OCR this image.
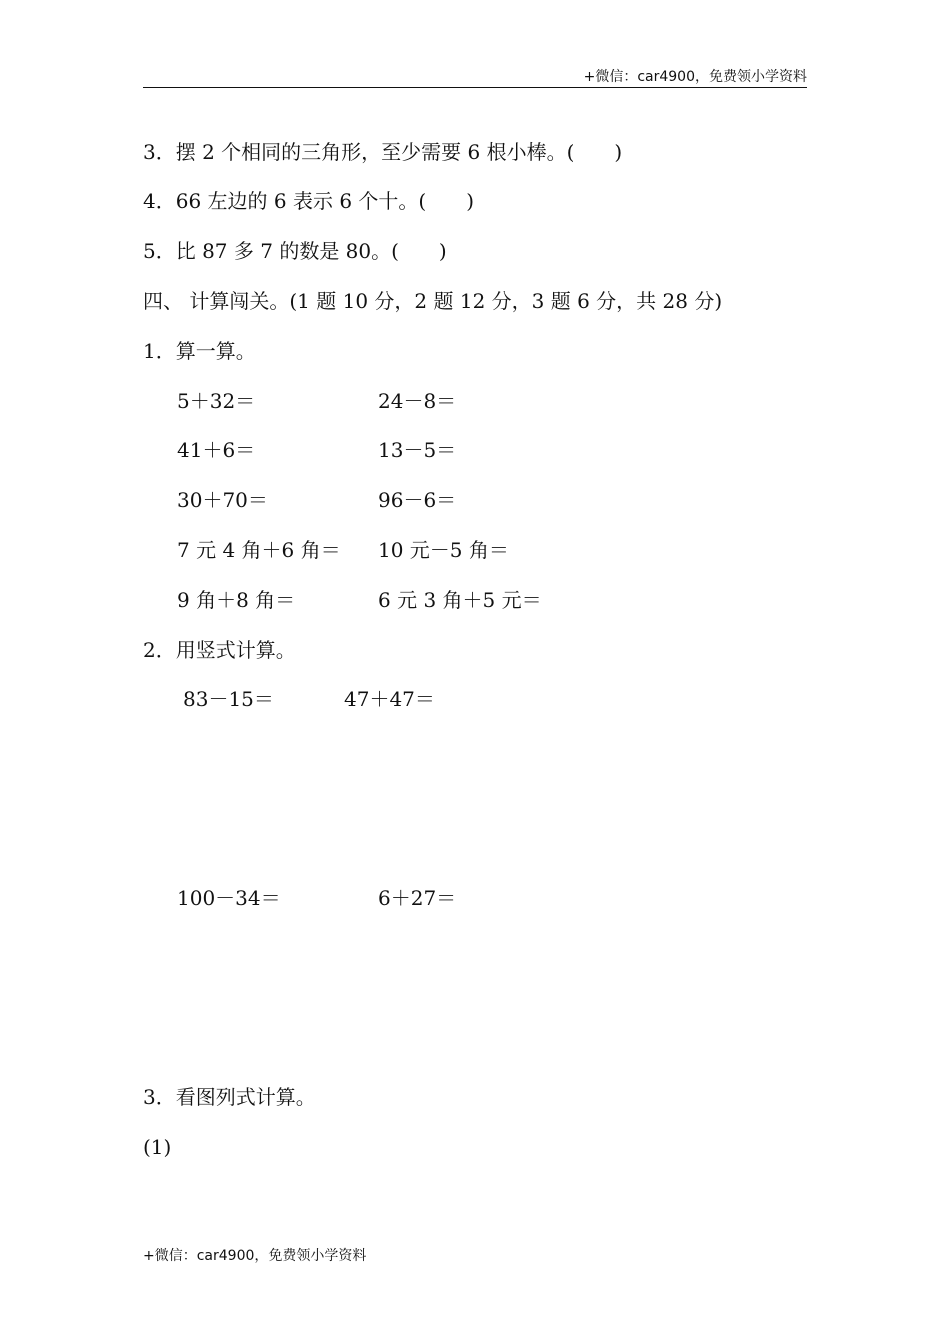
+微信：car4900，免费领小学资料
3．摆 2 个相同的三角形，至少需要 6 根小棒。(　　)
4．66 左边的 6 表示 6 个十。(　　)
5．比 87 多 7 的数是 80。(　　)
四、 计算闯关。(1 题 10 分，2 题 12 分，3 题 6 分，共 28 分)
1．算一算。
5＋32＝	24－8＝
41＋6＝	13－5＝
30＋70＝	96－6＝
7 元 4 角＋6 角＝ 10 元－5 角＝
9 角＋8 角＝	6 元 3 角＋5 元＝
2．用竖式计算。
83－15＝	47＋47＝
100－34＝	6＋27＝
3．看图列式计算。
(1)
+微信：car4900，免费领小学资料
